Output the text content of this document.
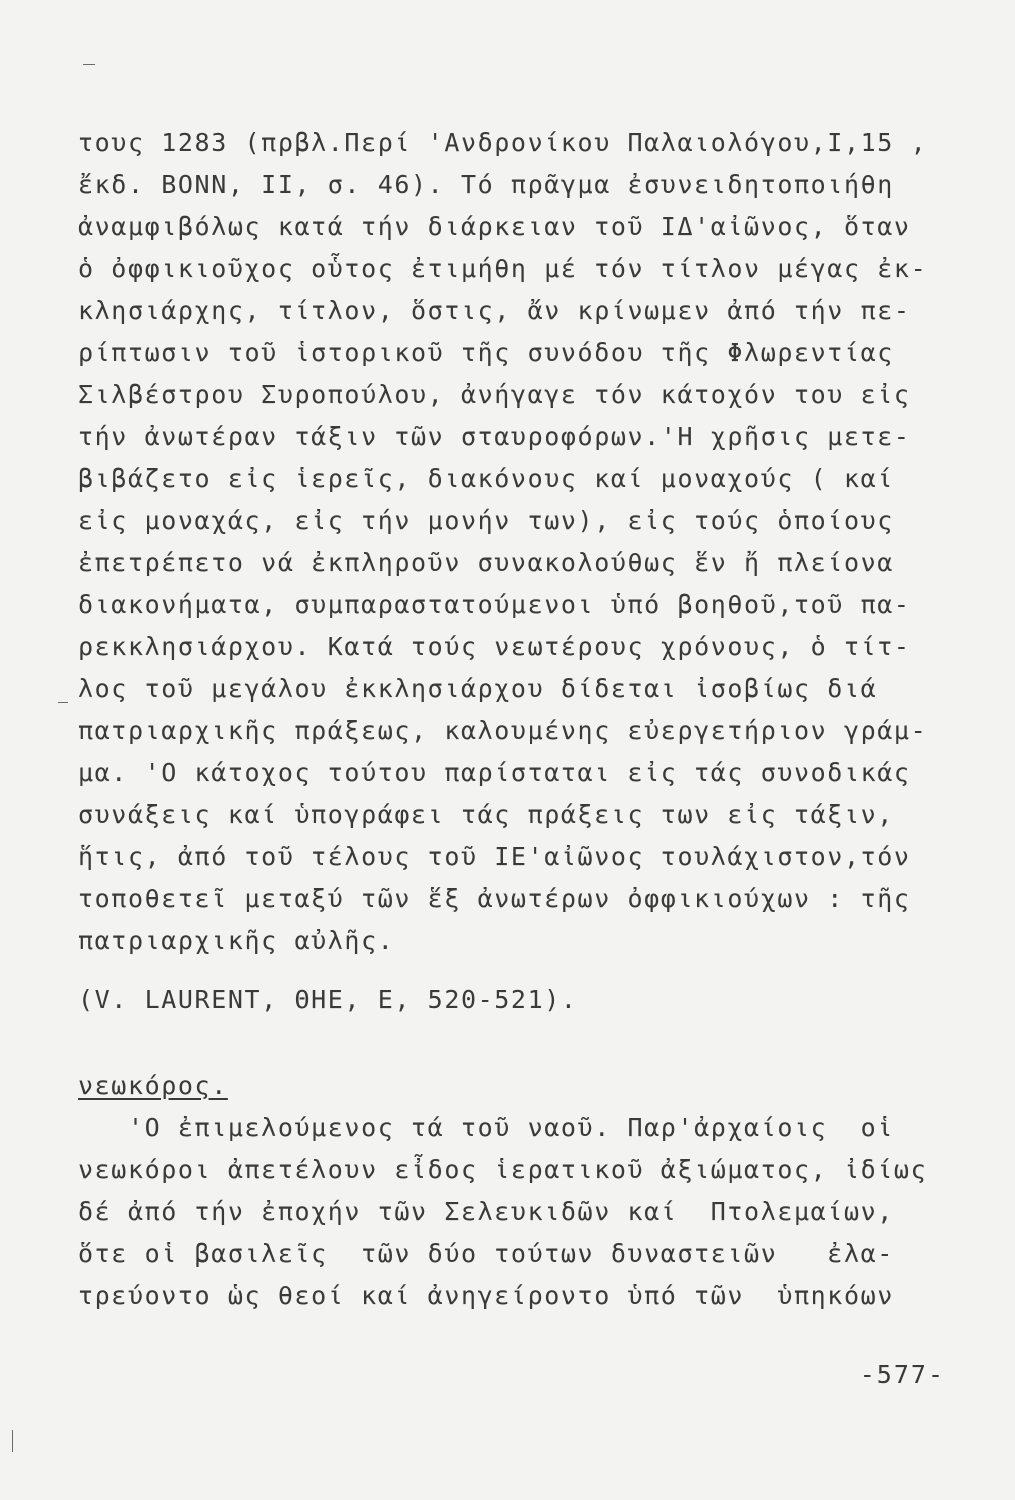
τους 1283 (πρβλ.Περί 'Ανδρονίκου Παλαιολόγου,Ι,15 ,
ἔκδ. BONN, II, σ. 46). Τό πρᾶγμα ἐσυνειδητοποιήθη
ἀναμφιβόλως κατά τήν διάρκειαν τοῦ ΙΔ'αἰῶνος, ὅταν
ὁ ὀφφικιοῦχος οὗτος ἐτιμήθη μέ τόν τίτλον μέγας ἐκ-
κλησιάρχης, τίτλον, ὅστις, ἄν κρίνωμεν ἀπό τήν πε-
ρίπτωσιν τοῦ ἱστορικοῦ τῆς συνόδου τῆς Φλωρεντίας
Σιλβέστρου Συροπούλου, ἀνήγαγε τόν κάτοχόν του εἰς
τήν ἀνωτέραν τάξιν τῶν σταυροφόρων.'Η χρῆσις μετε-
βιβάζετο εἰς ἱερεῖς, διακόνους καί μοναχούς ( καί
εἰς μοναχάς, εἰς τήν μονήν των), εἰς τούς ὁποίους
ἐπετρέπετο νά ἐκπληροῦν συνακολούθως ἕν ἤ πλείονα
διακονήματα, συμπαραστατούμενοι ὑπό βοηθοῦ,τοῦ πα-
ρεκκλησιάρχου. Κατά τούς νεωτέρους χρόνους, ὁ τίτ-
λος τοῦ μεγάλου ἐκκλησιάρχου δίδεται ἰσοβίως διά
πατριαρχικῆς πράξεως, καλουμένης εὐεργετήριον γράμ-
μα. 'Ο κάτοχος τούτου παρίσταται εἰς τάς συνοδικάς
συνάξεις καί ὑπογράφει τάς πράξεις των εἰς τάξιν,
ἥτις, ἀπό τοῦ τέλους τοῦ ΙΕ'αἰῶνος τουλάχιστον,τόν
τοποθετεῖ μεταξύ τῶν ἕξ ἀνωτέρων ὀφφικιούχων : τῆς
πατριαρχικῆς αὐλῆς.
(V. LAURENT, ΘΗΕ, Ε, 520-521).
νεωκόρος.
'Ο ἐπιμελούμενος τά τοῦ ναοῦ. Παρ'ἀρχαίοις  οἱ
νεωκόροι ἀπετέλουν εἶδος ἱερατικοῦ ἀξιώματος, ἰδίως
δέ ἀπό τήν ἐποχήν τῶν Σελευκιδῶν καί  Πτολεμαίων,
ὅτε οἱ βασιλεῖς  τῶν δύο τούτων δυναστειῶν   ἐλα-
τρεύοντο ὡς θεοί καί ἀνηγείροντο ὑπό τῶν  ὑπηκόων
-577-
